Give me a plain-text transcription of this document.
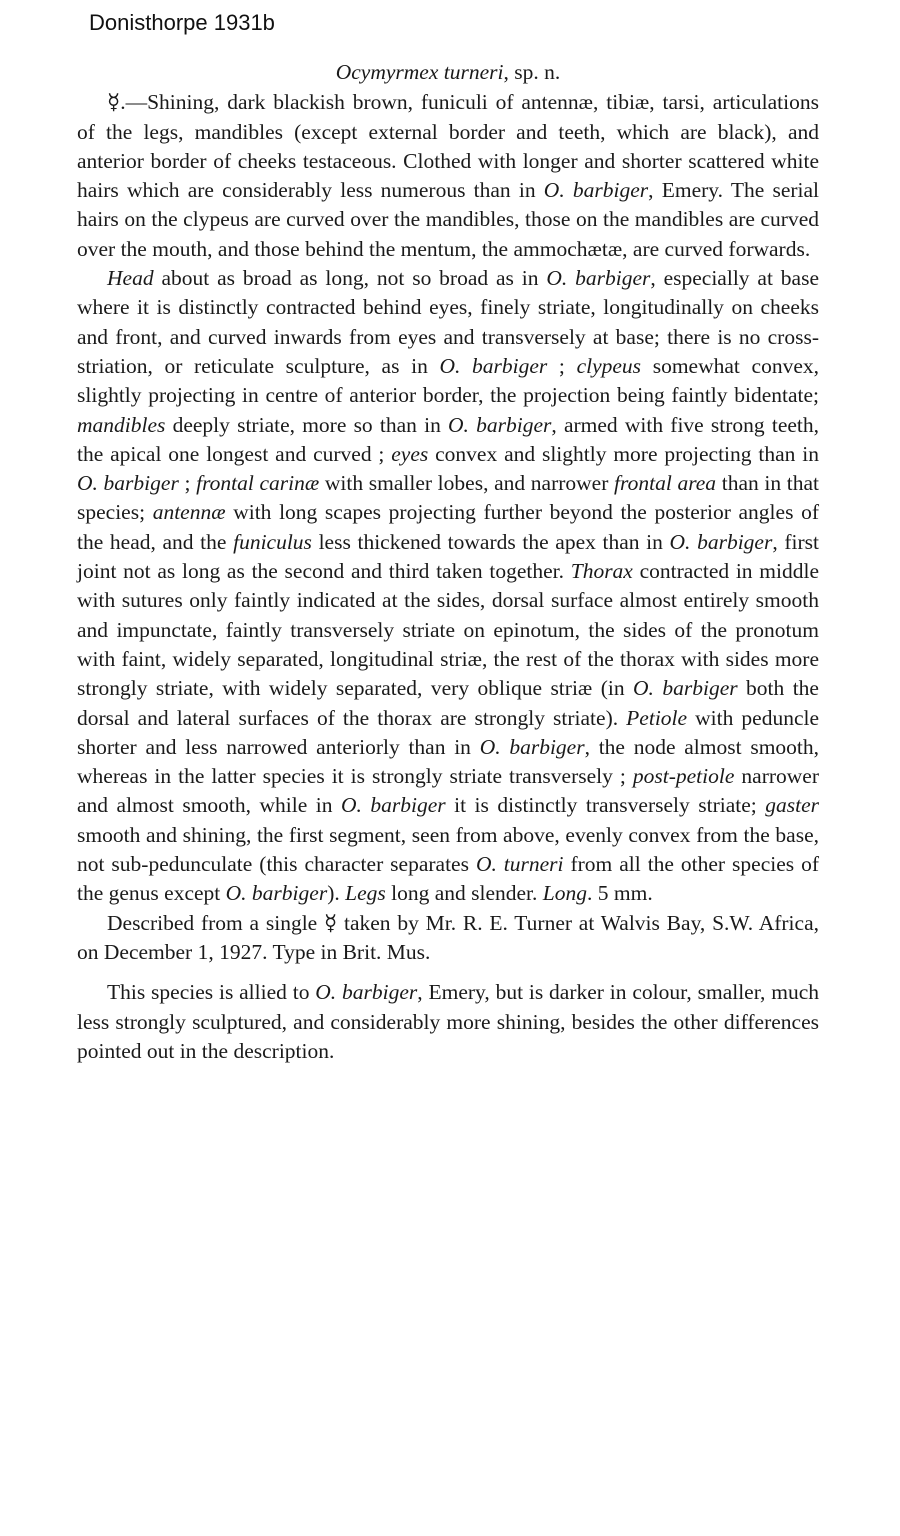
Donisthorpe 1931b
Ocymyrmex turneri, sp. n.

☿.—Shining, dark blackish brown, funiculi of antennæ, tibiæ, tarsi, articulations of the legs, mandibles (except external border and teeth, which are black), and anterior border of cheeks testaceous. Clothed with longer and shorter scattered white hairs which are considerably less numerous than in O. barbiger, Emery. The serial hairs on the clypeus are curved over the mandibles, those on the mandibles are curved over the mouth, and those behind the mentum, the ammochætæ, are curved forwards.

Head about as broad as long, not so broad as in O. barbiger, especially at base where it is distinctly contracted behind eyes, finely striate, longitudinally on cheeks and front, and curved inwards from eyes and transversely at base; there is no cross-striation, or reticulate sculpture, as in O. barbiger ; clypeus somewhat convex, slightly projecting in centre of anterior border, the projection being faintly bidentate; mandibles deeply striate, more so than in O. barbiger, armed with five strong teeth, the apical one longest and curved ; eyes convex and slightly more projecting than in O. barbiger ; frontal carinæ with smaller lobes, and narrower frontal area than in that species; antennæ with long scapes projecting further beyond the posterior angles of the head, and the funiculus less thickened towards the apex than in O. barbiger, first joint not as long as the second and third taken together. Thorax contracted in middle with sutures only faintly indicated at the sides, dorsal surface almost entirely smooth and impunctate, faintly transversely striate on epinotum, the sides of the pronotum with faint, widely separated, longitudinal striæ, the rest of the thorax with sides more strongly striate, with widely separated, very oblique striæ (in O. barbiger both the dorsal and lateral surfaces of the thorax are strongly striate). Petiole with peduncle shorter and less narrowed anteriorly than in O. barbiger, the node almost smooth, whereas in the latter species it is strongly striate transversely ; post-petiole narrower and almost smooth, while in O. barbiger it is distinctly transversely striate; gaster smooth and shining, the first segment, seen from above, evenly convex from the base, not sub-pedunculate (this character separates O. turneri from all the other species of the genus except O. barbiger). Legs long and slender. Long. 5 mm.

Described from a single ☿ taken by Mr. R. E. Turner at Walvis Bay, S.W. Africa, on December 1, 1927. Type in Brit. Mus.

This species is allied to O. barbiger, Emery, but is darker in colour, smaller, much less strongly sculptured, and considerably more shining, besides the other differences pointed out in the description.
